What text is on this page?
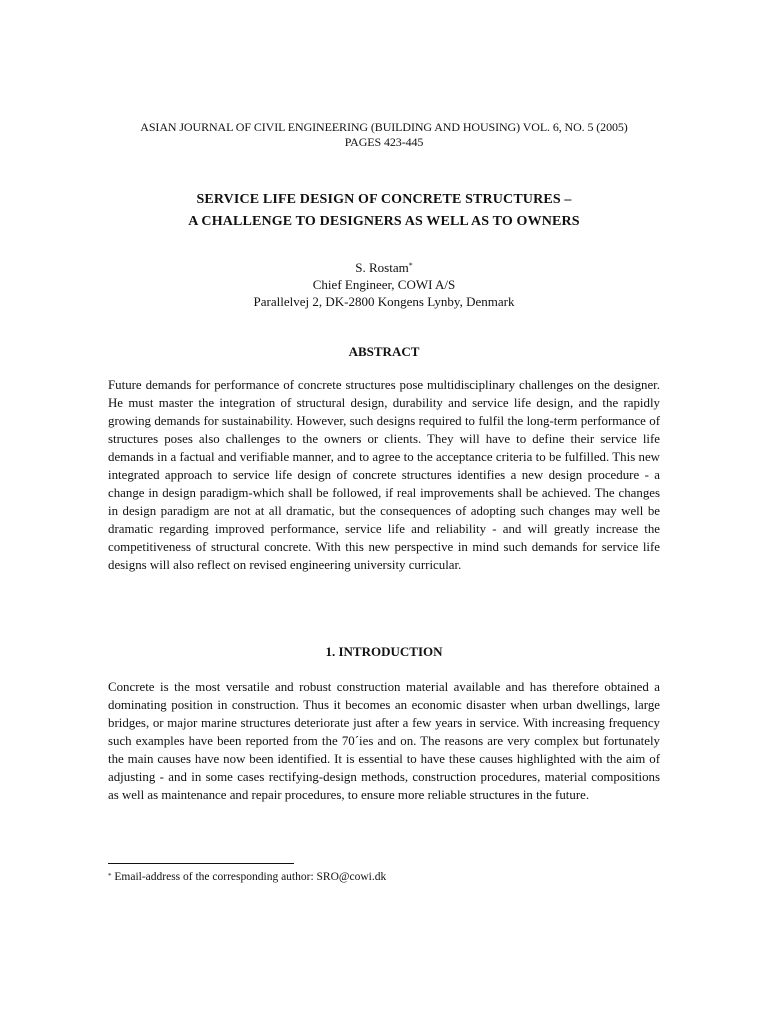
ASIAN JOURNAL OF CIVIL ENGINEERING (BUILDING AND HOUSING) VOL. 6, NO. 5 (2005)
PAGES 423-445
SERVICE LIFE DESIGN OF CONCRETE STRUCTURES –
A CHALLENGE TO DESIGNERS AS WELL AS TO OWNERS
S. Rostam*
Chief Engineer, COWI A/S
Parallelvej 2, DK-2800 Kongens Lynby, Denmark
ABSTRACT
Future demands for performance of concrete structures pose multidisciplinary challenges on the designer. He must master the integration of structural design, durability and service life design, and the rapidly growing demands for sustainability. However, such designs required to fulfil the long-term performance of structures poses also challenges to the owners or clients. They will have to define their service life demands in a factual and verifiable manner, and to agree to the acceptance criteria to be fulfilled. This new integrated approach to service life design of concrete structures identifies a new design procedure - a change in design paradigm-which shall be followed, if real improvements shall be achieved. The changes in design paradigm are not at all dramatic, but the consequences of adopting such changes may well be dramatic regarding improved performance, service life and reliability - and will greatly increase the competitiveness of structural concrete. With this new perspective in mind such demands for service life designs will also reflect on revised engineering university curricular.
1. INTRODUCTION
Concrete is the most versatile and robust construction material available and has therefore obtained a dominating position in construction. Thus it becomes an economic disaster when urban dwellings, large bridges, or major marine structures deteriorate just after a few years in service. With increasing frequency such examples have been reported from the 70´ies and on. The reasons are very complex but fortunately the main causes have now been identified. It is essential to have these causes highlighted with the aim of adjusting - and in some cases rectifying-design methods, construction procedures, material compositions as well as maintenance and repair procedures, to ensure more reliable structures in the future.
* Email-address of the corresponding author: SRO@cowi.dk
